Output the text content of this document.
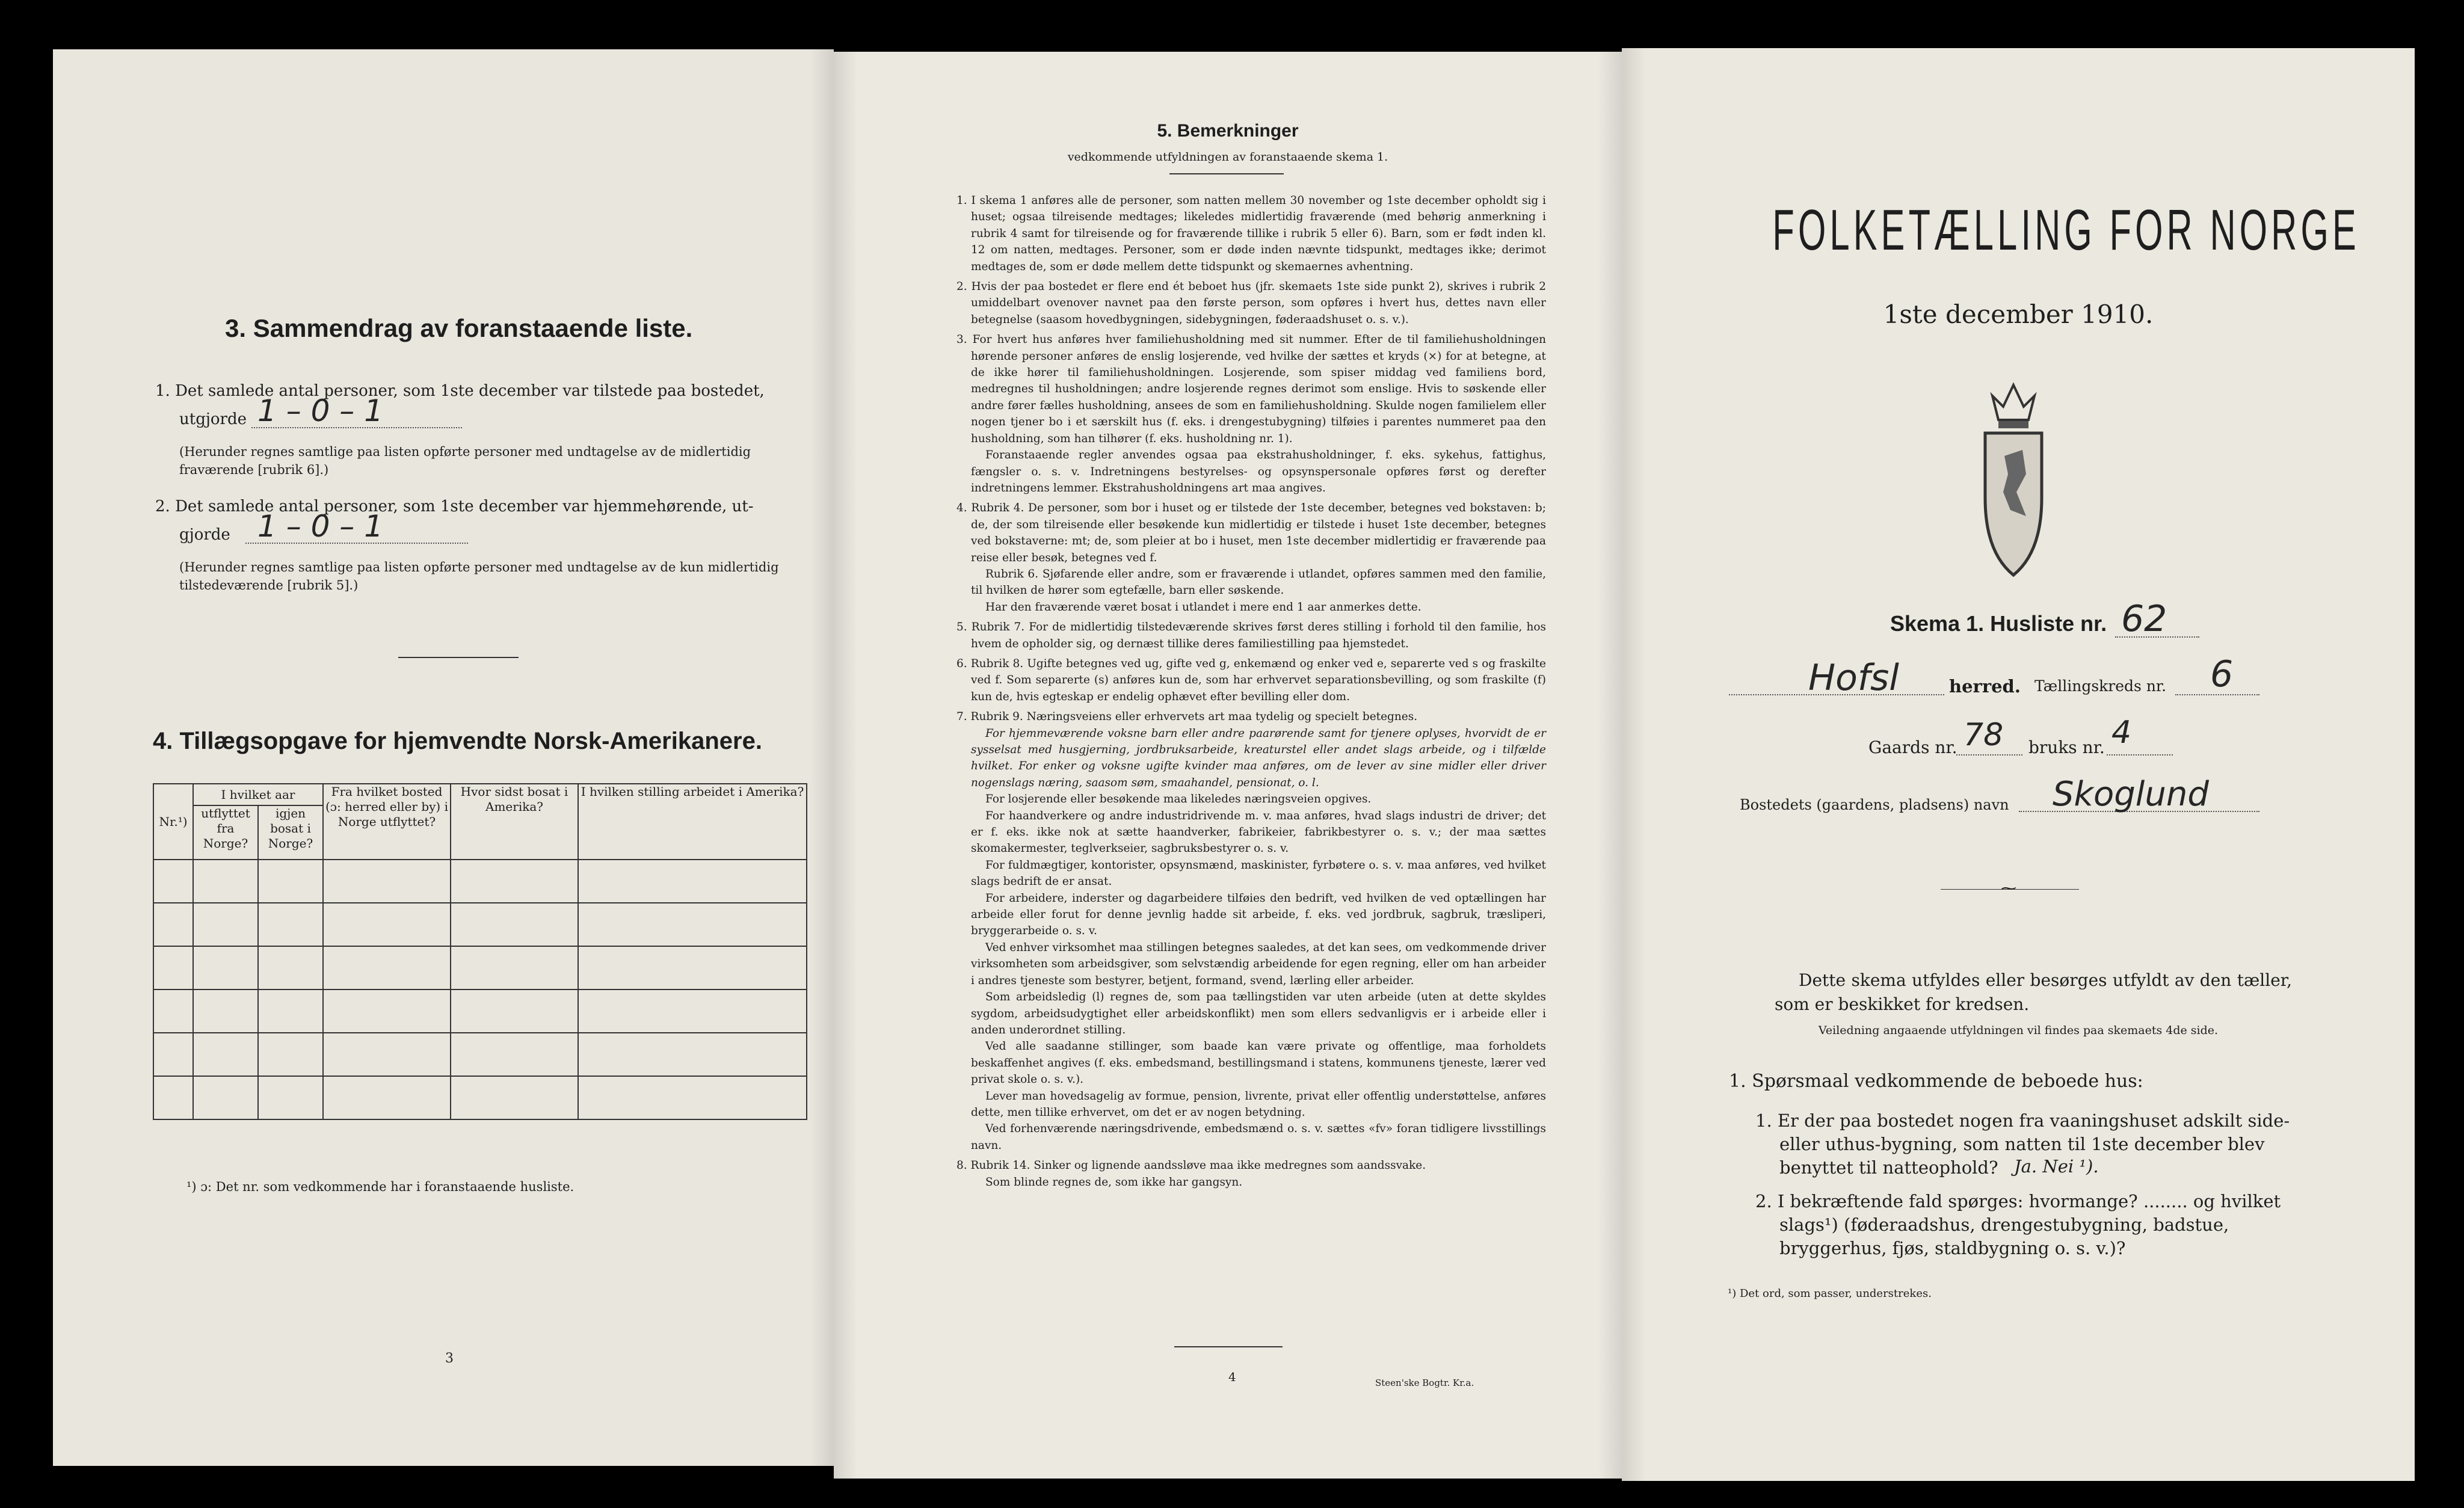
3. Sammendrag av foranstaaende liste.

1. Det samlede antal personer, som 1ste december var tilstede paa bostedet,

utgjorde 1 – 0 – 1

(Herunder regnes samtlige paa listen opførte personer med undtagelse av de midlertidig fraværende [rubrik 6].)

2. Det samlede antal personer, som 1ste december var hjemmehørende, ut-

gjorde 1 – 0 – 1

(Herunder regnes samtlige paa listen opførte personer med undtagelse av de kun midlertidig tilstedeværende [rubrik 5].)

4. Tillægsopgave for hjemvendte Norsk-Amerikanere.
Nr.¹)	I hvilket aar		Fra hvilket bosted (ɔ: herred eller by) i Norge utflyttet?	Hvor sidst bosat i Amerika?	I hvilken stilling arbeidet i Amerika?
	utflyttet fra Norge?	igjen bosat i Norge?			

¹) ɔ: Det nr. som vedkommende har i foranstaaende husliste.

3

5. Bemerkninger

vedkommende utfyldningen av foranstaaende skema 1.

1. I skema 1 anføres alle de personer, som natten mellem 30 november og 1ste december opholdt sig i huset; ogsaa tilreisende medtages; likeledes midlertidig fraværende (med behørig anmerkning i rubrik 4 samt for tilreisende og for fraværende tillike i rubrik 5 eller 6). Barn, som er født inden kl. 12 om natten, medtages. Personer, som er døde inden nævnte tidspunkt, medtages ikke; derimot medtages de, som er døde mellem dette tidspunkt og skemaernes avhentning.

2. Hvis der paa bostedet er flere end ét beboet hus (jfr. skemaets 1ste side punkt 2), skrives i rubrik 2 umiddelbart ovenover navnet paa den første person, som opføres i hvert hus, dettes navn eller betegnelse (saasom hovedbygningen, sidebygningen, føderaadshuset o. s. v.).

3. For hvert hus anføres hver familiehusholdning med sit nummer. Efter de til familiehusholdningen hørende personer anføres de enslig losjerende, ved hvilke der sættes et kryds (×) for at betegne, at de ikke hører til familiehusholdningen. Losjerende, som spiser middag ved familiens bord, medregnes til husholdningen; andre losjerende regnes derimot som enslige. Hvis to søskende eller andre fører fælles husholdning, ansees de som en familiehusholdning. Skulde nogen familielem eller nogen tjener bo i et særskilt hus (f. eks. i drengestubygning) tilføies i parentes nummeret paa den husholdning, som han tilhører (f. eks. husholdning nr. 1).

Foranstaaende regler anvendes ogsaa paa ekstrahusholdninger, f. eks. sykehus, fattighus, fængsler o. s. v. Indretningens bestyrelses- og opsynspersonale opføres først og derefter indretningens lemmer. Ekstrahusholdningens art maa angives.

4. Rubrik 4. De personer, som bor i huset og er tilstede der 1ste december, betegnes ved bokstaven: b; de, der som tilreisende eller besøkende kun midlertidig er tilstede i huset 1ste december, betegnes ved bokstaverne: mt; de, som pleier at bo i huset, men 1ste december midlertidig er fraværende paa reise eller besøk, betegnes ved f.

Rubrik 6. Sjøfarende eller andre, som er fraværende i utlandet, opføres sammen med den familie, til hvilken de hører som egtefælle, barn eller søskende.

Har den fraværende været bosat i utlandet i mere end 1 aar anmerkes dette.

5. Rubrik 7. For de midlertidig tilstedeværende skrives først deres stilling i forhold til den familie, hos hvem de opholder sig, og dernæst tillike deres familiestilling paa hjemstedet.

6. Rubrik 8. Ugifte betegnes ved ug, gifte ved g, enkemænd og enker ved e, separerte ved s og fraskilte ved f. Som separerte (s) anføres kun de, som har erhvervet separationsbevilling, og som fraskilte (f) kun de, hvis egteskap er endelig ophævet efter bevilling eller dom.

7. Rubrik 9. Næringsveiens eller erhvervets art maa tydelig og specielt betegnes.

For hjemmeværende voksne barn eller andre paarørende samt for tjenere oplyses, hvorvidt de er sysselsat med husgjerning, jordbruksarbeide, kreaturstel eller andet slags arbeide, og i tilfælde hvilket. For enker og voksne ugifte kvinder maa anføres, om de lever av sine midler eller driver nogenslags næring, saasom søm, smaahandel, pensionat, o. l.

For losjerende eller besøkende maa likeledes næringsveien opgives.

For haandverkere og andre industridrivende m. v. maa anføres, hvad slags industri de driver; det er f. eks. ikke nok at sætte haandverker, fabrikeier, fabrikbestyrer o. s. v.; der maa sættes skomakermester, teglverkseier, sagbruksbestyrer o. s. v.

For fuldmægtiger, kontorister, opsynsmænd, maskinister, fyrbøtere o. s. v. maa anføres, ved hvilket slags bedrift de er ansat.

For arbeidere, inderster og dagarbeidere tilføies den bedrift, ved hvilken de ved optællingen har arbeide eller forut for denne jevnlig hadde sit arbeide, f. eks. ved jordbruk, sagbruk, træsliperi, bryggerarbeide o. s. v.

Ved enhver virksomhet maa stillingen betegnes saaledes, at det kan sees, om vedkommende driver virksomheten som arbeidsgiver, som selvstændig arbeidende for egen regning, eller om han arbeider i andres tjeneste som bestyrer, betjent, formand, svend, lærling eller arbeider.

Som arbeidsledig (l) regnes de, som paa tællingstiden var uten arbeide (uten at dette skyldes sygdom, arbeidsudygtighet eller arbeidskonflikt) men som ellers sedvanligvis er i arbeide eller i anden underordnet stilling.

Ved alle saadanne stillinger, som baade kan være private og offentlige, maa forholdets beskaffenhet angives (f. eks. embedsmand, bestillingsmand i statens, kommunens tjeneste, lærer ved privat skole o. s. v.).

Lever man hovedsagelig av formue, pension, livrente, privat eller offentlig understøttelse, anføres dette, men tillike erhvervet, om det er av nogen betydning.

Ved forhenværende næringsdrivende, embedsmænd o. s. v. sættes «fv» foran tidligere livsstillings navn.

8. Rubrik 14. Sinker og lignende aandssløve maa ikke medregnes som aandssvake.

Som blinde regnes de, som ikke har gangsyn.

4	Steen'ske Bogtr. Kr.a.

FOLKETÆLLING FOR NORGE

1ste december 1910.

Skema 1. Husliste nr. 62

Hofsl	herred. Tællingskreds nr. 6

Gaards nr. 78 bruks nr. 4

Bostedets (gaardens, pladsens) navn Skoglund

⁓

Dette skema utfyldes eller besørges utfyldt av den tæller, som er beskikket for kredsen.

Veiledning angaaende utfyldningen vil findes paa skemaets 4de side.

1. Spørsmaal vedkommende de beboede hus:

1. Er der paa bostedet nogen fra vaaningshuset adskilt side- eller uthus-bygning, som natten til 1ste december blev benyttet til natteophold? Ja. Nei ¹).

2. I bekræftende fald spørges: hvormange? ........ og hvilket slags¹) (føderaadshus, drengestubygning, badstue, bryggerhus, fjøs, staldbygning o. s. v.)?

¹) Det ord, som passer, understrekes.
